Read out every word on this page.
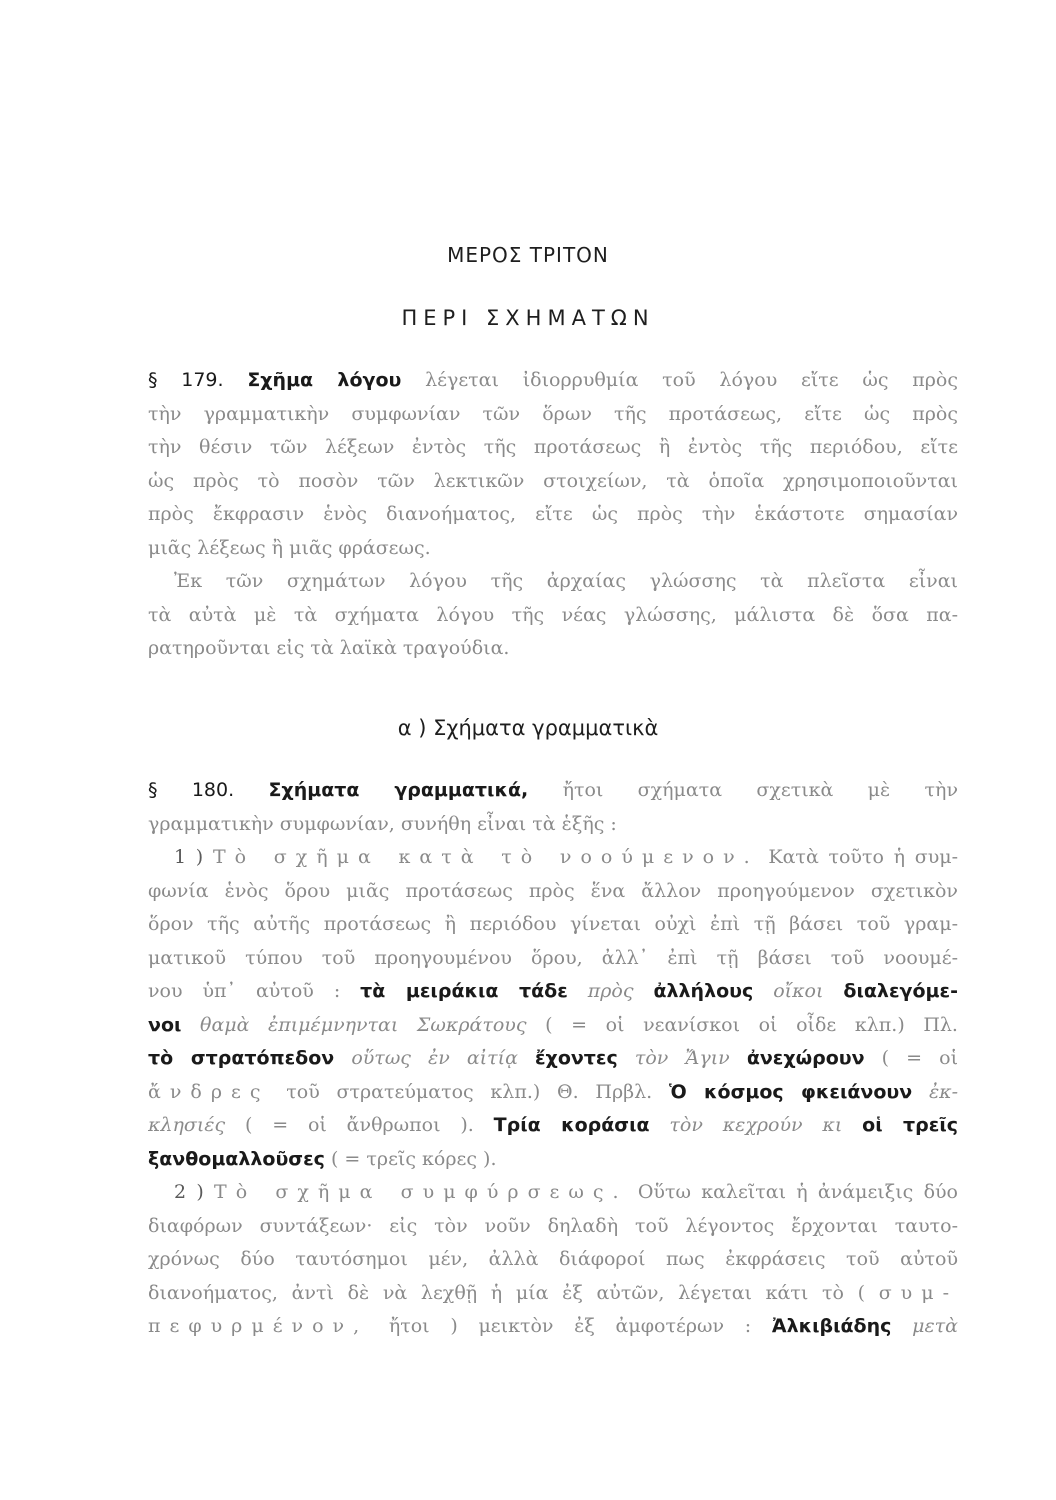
ΜΕΡΟΣ ΤΡΙΤΟΝ
ΠΕΡΙ ΣΧΗΜΑΤΩΝ
§ 179. Σχῆμα λόγου λέγεται ἰδιορρυθμία τοῦ λόγου εἴτε ὡς πρὸς
τὴν γραμματικὴν συμφωνίαν τῶν ὅρων τῆς προτάσεως, εἴτε ὡς πρὸς
τὴν θέσιν τῶν λέξεων ἐντὸς τῆς προτάσεως ἢ ἐντὸς τῆς περιόδου, εἴτε
ὡς πρὸς τὸ ποσὸν τῶν λεκτικῶν στοιχείων, τὰ ὁποῖα χρησιμοποιοῦνται
πρὸς ἔκφρασιν ἑνὸς διανοήματος, εἴτε ὡς πρὸς τὴν ἑκάστοτε σημασίαν
μιᾶς λέξεως ἢ μιᾶς φράσεως.
Ἐκ τῶν σχημάτων λόγου τῆς ἀρχαίας γλώσσης τὰ πλεῖστα εἶναι
τὰ αὐτὰ μὲ τὰ σχήματα λόγου τῆς νέας γλώσσης, μάλιστα δὲ ὅσα πα-
ρατηροῦνται εἰς τὰ λαϊκὰ τραγούδια.
α ) Σχήματα γραμματικὰ
§ 180. Σχήματα γραμματικά, ἤτοι σχήματα σχετικὰ μὲ τὴν
γραμματικὴν συμφωνίαν, συνήθη εἶναι τὰ ἑξῆς :
1 ) Τὸ σχῆμα κατὰ τὸ νοούμενον. Κατὰ τοῦτο ἡ συμ-
φωνία ἑνὸς ὅρου μιᾶς προτάσεως πρὸς ἕνα ἄλλον προηγούμενον σχετικὸν
ὅρον τῆς αὐτῆς προτάσεως ἢ περιόδου γίνεται οὐχὶ ἐπὶ τῇ βάσει τοῦ γραμ-
ματικοῦ τύπου τοῦ προηγουμένου ὅρου, ἀλλ᾽ ἐπὶ τῇ βάσει τοῦ νοουμέ-
νου ὑπ᾽ αὐτοῦ : τὰ μειράκια τάδε πρὸς ἀλλήλους οἴκοι διαλεγόμε-
νοι θαμὰ ἐπιμέμνηνται Σωκράτους ( = οἱ νεανίσκοι οἱ οἶδε κλπ.) Πλ.
τὸ στρατόπεδον οὕτως ἐν αἰτίᾳ ἔχοντες τὸν Ἄγιν ἀνεχώρουν ( = οἱ
ἄνδρες τοῦ στρατεύματος κλπ.) Θ. Πρβλ. Ὁ κόσμος φκειάνουν ἐκ-
κλησιές ( = οἱ ἄνθρωποι ). Τρία κοράσια τὸν κεχρούν κι οἱ τρεῖς
ξανθομαλλοῦσες ( = τρεῖς κόρες ).
2 ) Τὸ σχῆμα συμφύρσεως. Οὕτω καλεῖται ἡ ἀνάμειξις δύο
διαφόρων συντάξεων· εἰς τὸν νοῦν δηλαδὴ τοῦ λέγοντος ἔρχονται ταυτο-
χρόνως δύο ταυτόσημοι μέν, ἀλλὰ διάφοροί πως ἐκφράσεις τοῦ αὐτοῦ
διανοήματος, ἀντὶ δὲ νὰ λεχθῇ ἡ μία ἐξ αὐτῶν, λέγεται κάτι τὸ ( συμ-
πεφυρμένον, ἤτοι ) μεικτὸν ἐξ ἀμφοτέρων : Ἀλκιβιάδης μετὰ
